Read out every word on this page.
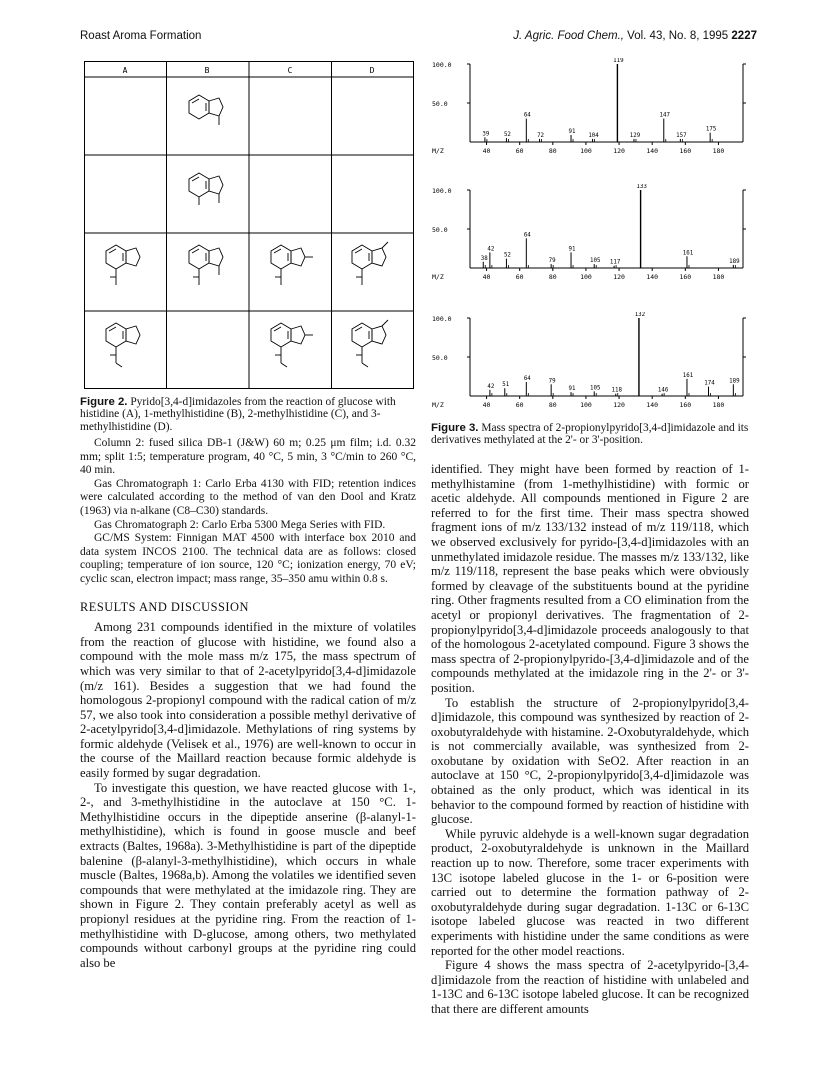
Roast Aroma Formation	J. Agric. Food Chem., Vol. 43, No. 8, 1995 2227
A	B	C	D
Figure 2. Pyrido[3,4-d]imidazoles from the reaction of glucose with histidine (A), 1-methylhistidine (B), 2-methylhistidine (C), and 3-methylhistidine (D).
100.0
50.0
M/Z	40	60	80	100	120	140	160	180
39	52
64
72
91
104
119
129
147
157
175
100.0
50.0
M/Z	40	60	80	100	120	140	160	180
38
42
52
64
79
91
105 117
133
161
189
100.0
50.0
M/Z	40	60	80	100	120	140	160	180
42 51
64	79
91 105 118
132
146
161
174 189
Figure 3. Mass spectra of 2-propionylpyrido[3,4-d]imidazole and its derivatives methylated at the 2'- or 3'-position.

Column 2: fused silica DB-1 (J&W) 60 m; 0.25 μm film; i.d. 0.32 mm; split 1:5; temperature program, 40 °C, 5 min, 3 °C/min to 260 °C, 40 min.

Gas Chromatograph 1: Carlo Erba 4130 with FID; retention indices were calculated according to the method of van den Dool and Kratz (1963) via n-alkane (C8–C30) standards.

Gas Chromatograph 2: Carlo Erba 5300 Mega Series with FID.

GC/MS System: Finnigan MAT 4500 with interface box 2010 and data system INCOS 2100. The technical data are as follows: closed coupling; temperature of ion source, 120 °C; ionization energy, 70 eV; cyclic scan, electron impact; mass range, 35–350 amu within 0.8 s.

RESULTS AND DISCUSSION

Among 231 compounds identified in the mixture of volatiles from the reaction of glucose with histidine, we found also a compound with the mole mass m/z 175, the mass spectrum of which was very similar to that of 2-acetylpyrido[3,4-d]imidazole (m/z 161). Besides a suggestion that we had found the homologous 2-propionyl compound with the radical cation of m/z 57, we also took into consideration a possible methyl derivative of 2-acetylpyrido[3,4-d]imidazole. Methylations of ring systems by formic aldehyde (Velisek et al., 1976) are well-known to occur in the course of the Maillard reaction because formic aldehyde is easily formed by sugar degradation.

To investigate this question, we have reacted glucose with 1-, 2-, and 3-methylhistidine in the autoclave at 150 °C. 1-Methylhistidine occurs in the dipeptide anserine (β-alanyl-1-methylhistidine), which is found in goose muscle and beef extracts (Baltes, 1968a). 3-Methylhistidine is part of the dipeptide balenine (β-alanyl-3-methylhistidine), which occurs in whale muscle (Baltes, 1968a,b). Among the volatiles we identified seven compounds that were methylated at the imidazole ring. They are shown in Figure 2. They contain preferably acetyl as well as propionyl residues at the pyridine ring. From the reaction of 1-methylhistidine with D-glucose, among others, two methylated compounds without carbonyl groups at the pyridine ring could also be

identified. They might have been formed by reaction of 1-methylhistamine (from 1-methylhistidine) with formic or acetic aldehyde. All compounds mentioned in Figure 2 are referred to for the first time. Their mass spectra showed fragment ions of m/z 133/132 instead of m/z 119/118, which we observed exclusively for pyrido-[3,4-d]imidazoles with an unmethylated imidazole residue. The masses m/z 133/132, like m/z 119/118, represent the base peaks which were obviously formed by cleavage of the substituents bound at the pyridine ring. Other fragments resulted from a CO elimination from the acetyl or propionyl derivatives. The fragmentation of 2-propionylpyrido[3,4-d]imidazole proceeds analogously to that of the homologous 2-acetylated compound. Figure 3 shows the mass spectra of 2-propionylpyrido-[3,4-d]imidazole and of the compounds methylated at the imidazole ring in the 2'- or 3'-position.

To establish the structure of 2-propionylpyrido[3,4-d]imidazole, this compound was synthesized by reaction of 2-oxobutyraldehyde with histamine. 2-Oxobutyraldehyde, which is not commercially available, was synthesized from 2-oxobutane by oxidation with SeO2. After reaction in an autoclave at 150 °C, 2-propionylpyrido[3,4-d]imidazole was obtained as the only product, which was identical in its behavior to the compound formed by reaction of histidine with glucose.

While pyruvic aldehyde is a well-known sugar degradation product, 2-oxobutyraldehyde is unknown in the Maillard reaction up to now. Therefore, some tracer experiments with 13C isotope labeled glucose in the 1- or 6-position were carried out to determine the formation pathway of 2-oxobutyraldehyde during sugar degradation. 1-13C or 6-13C isotope labeled glucose was reacted in two different experiments with histidine under the same conditions as were reported for the other model reactions.

Figure 4 shows the mass spectra of 2-acetylpyrido-[3,4-d]imidazole from the reaction of histidine with unlabeled and 1-13C and 6-13C isotope labeled glucose. It can be recognized that there are different amounts
